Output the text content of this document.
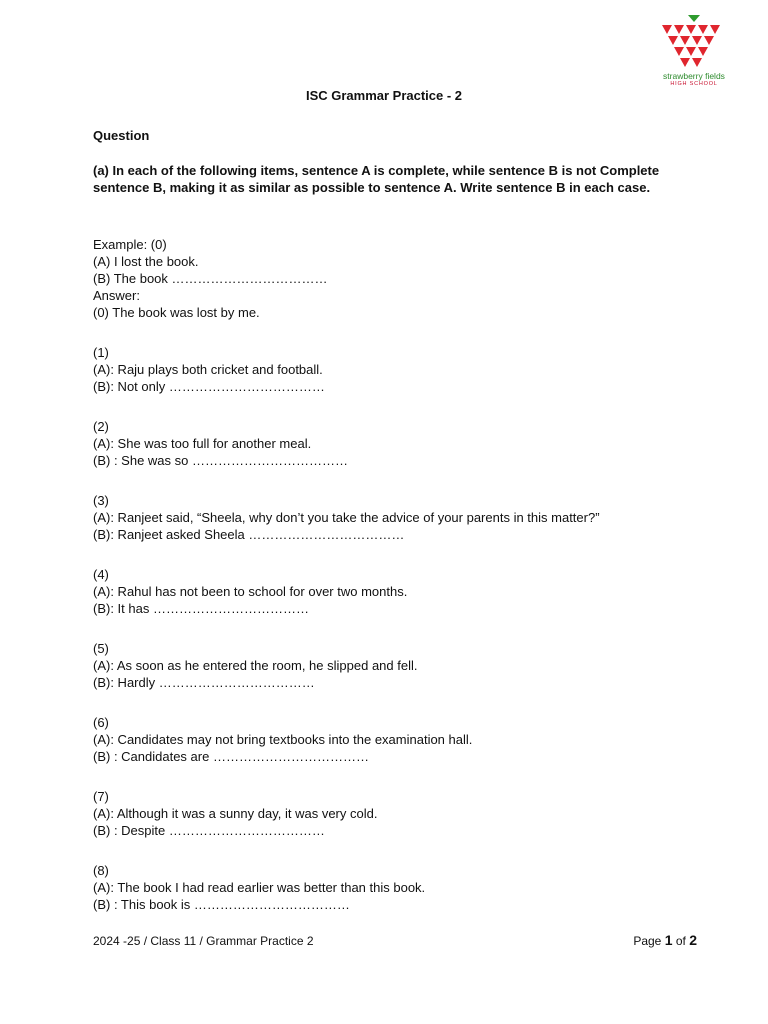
strawberry fields
HIGH SCHOOL
ISC Grammar Practice - 2
Question
(a) In each of the following items, sentence A is complete, while sentence B is not Complete sentence B, making it as similar as possible to sentence A. Write sentence B in each case.
Example: (0)
(A) I lost the book.
(B) The book ………………………………
Answer:
(0) The book was lost by me.
(1)
(A): Raju plays both cricket and football.
(B): Not only ………………………………
(2)
(A): She was too full for another meal.
(B) : She was so ………………………………
(3)
(A): Ranjeet said, “Sheela, why don’t you take the advice of your parents in this matter?”
(B): Ranjeet asked Sheela ………………………………
(4)
(A): Rahul has not been to school for over two months.
(B): It has ………………………………
(5)
(A): As soon as he entered the room, he slipped and fell.
(B): Hardly ………………………………
(6)
(A): Candidates may not bring textbooks into the examination hall.
(B) : Candidates are ………………………………
(7)
(A): Although it was a sunny day, it was very cold.
(B) : Despite ………………………………
(8)
(A): The book I had read earlier was better than this book.
(B) : This book is ………………………………
2024 -25 / Class 11 / Grammar Practice 2	Page 1 of 2
